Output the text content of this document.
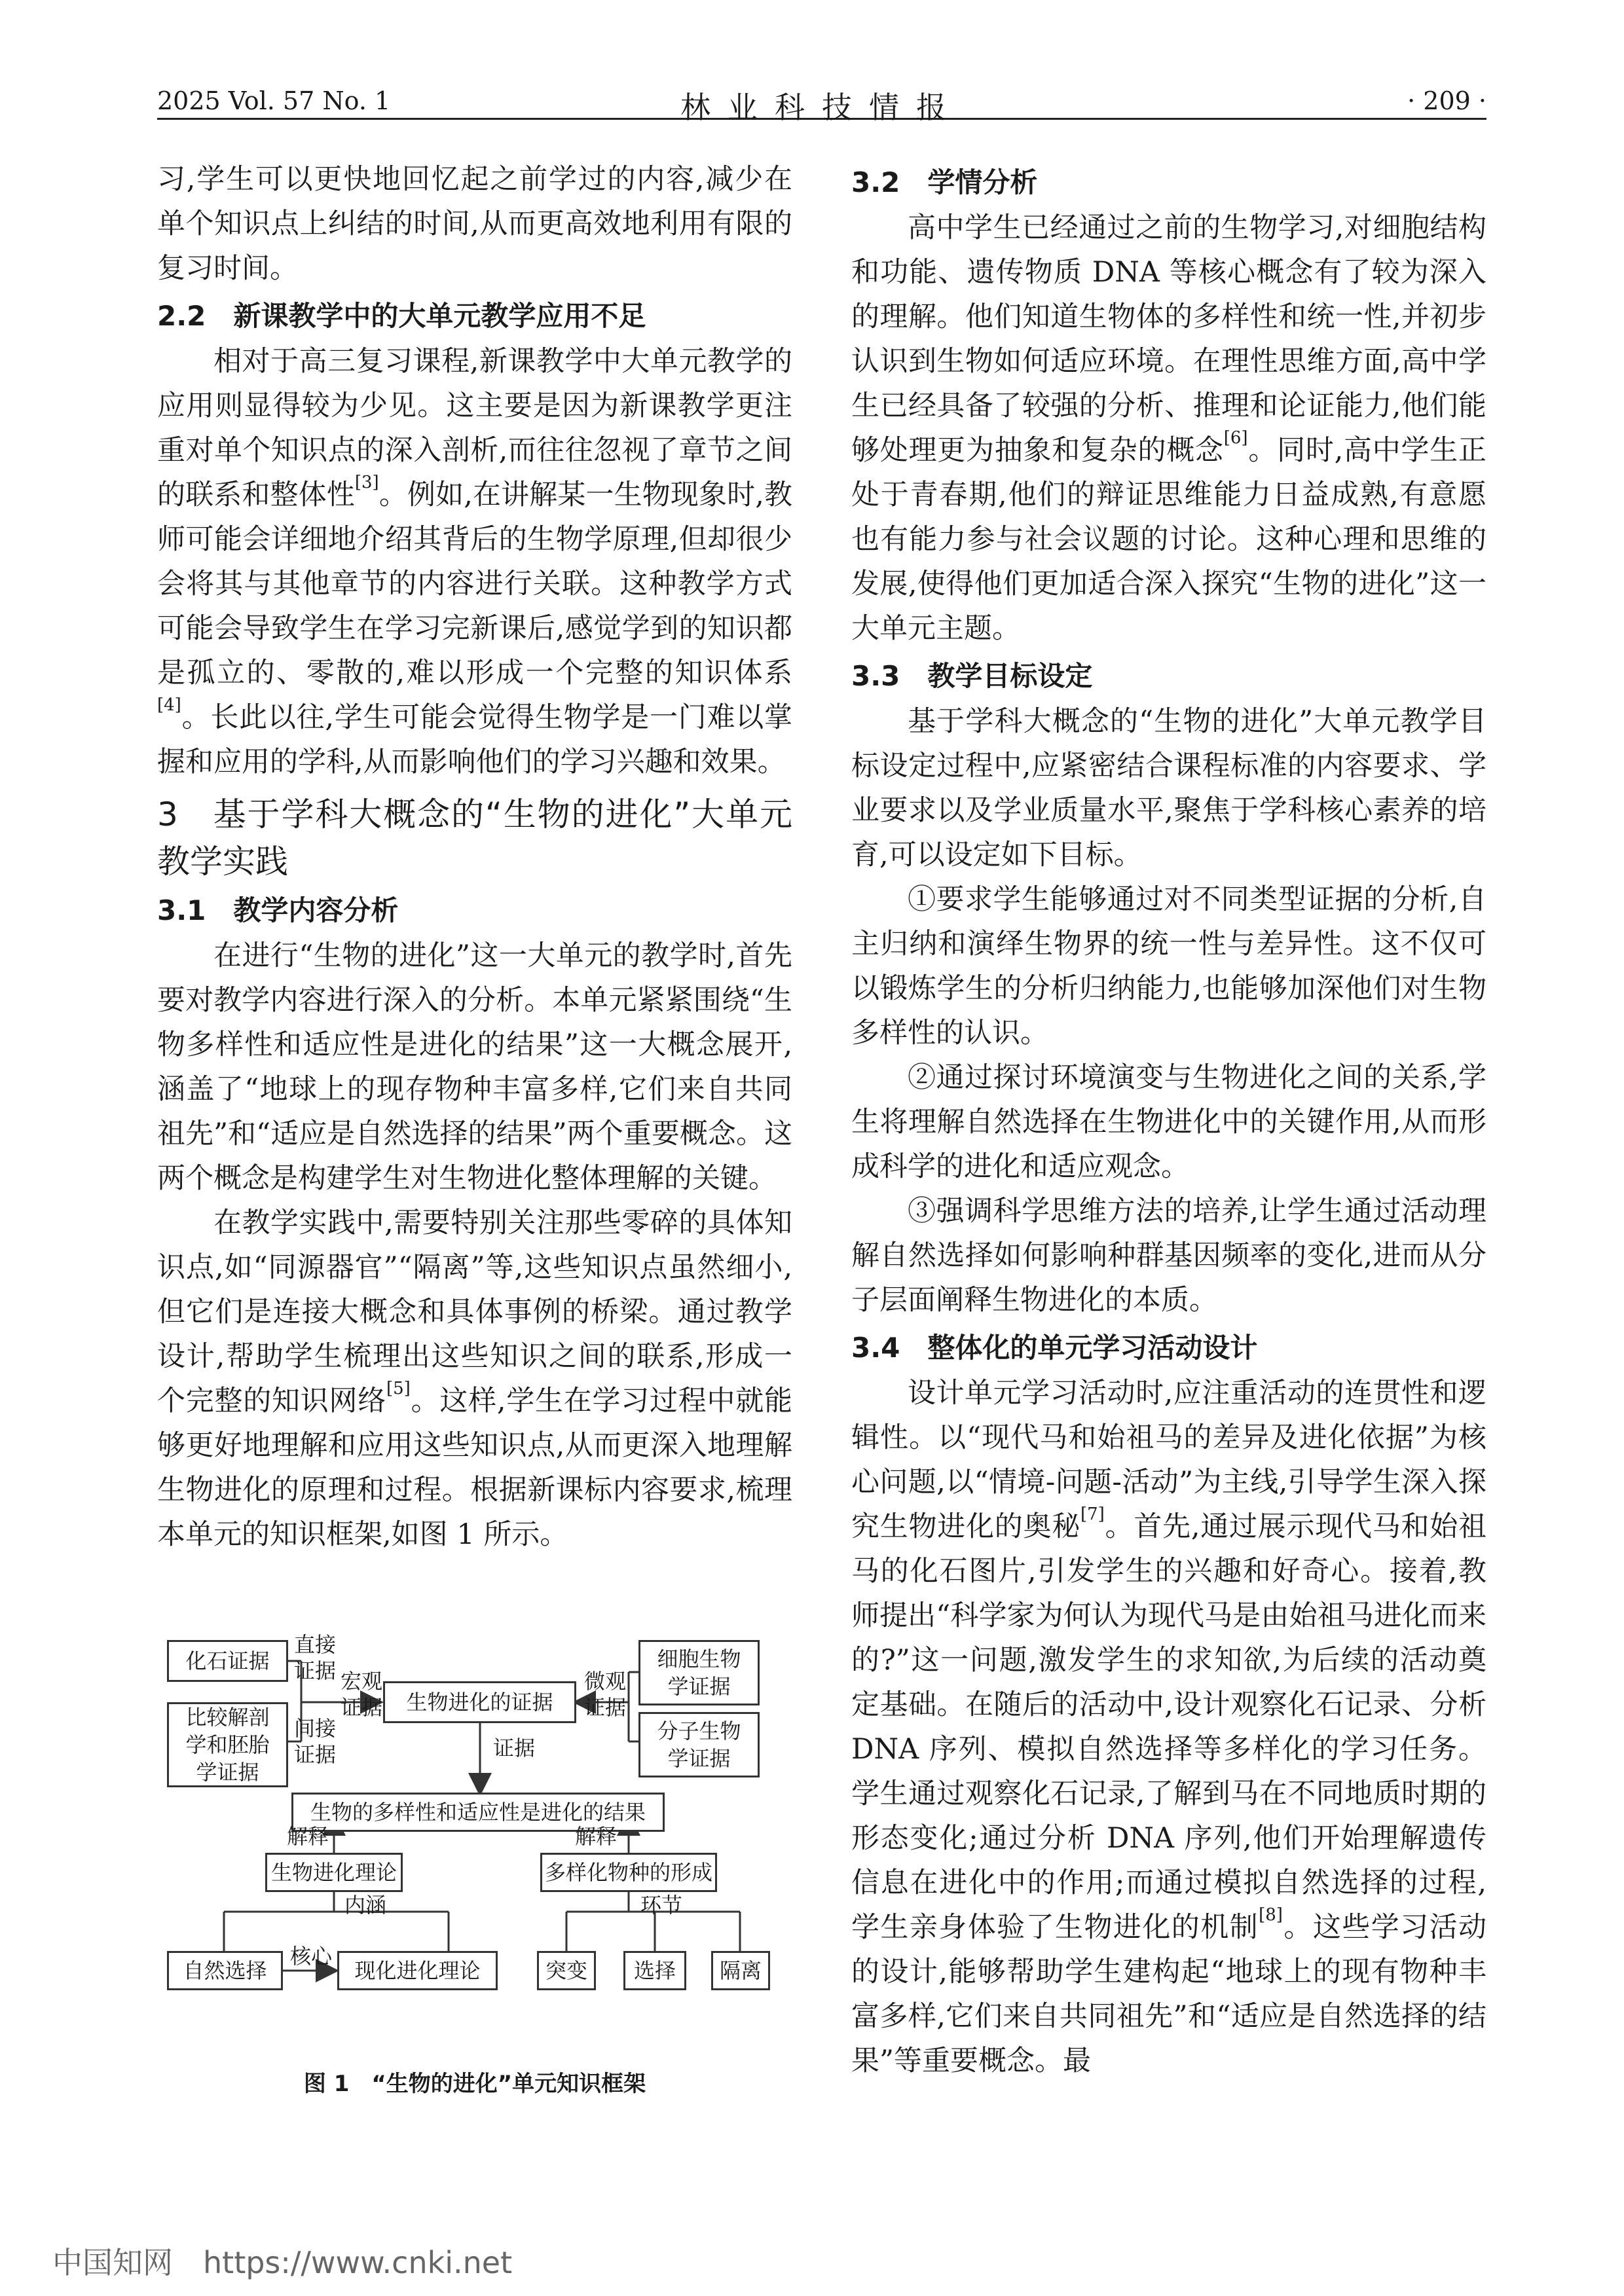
2025 Vol. 57 No. 1	林业科技情报	· 209 ·

习,学生可以更快地回忆起之前学过的内容,减少在单个知识点上纠结的时间,从而更高效地利用有限的复习时间。

2.2　新课教学中的大单元教学应用不足

相对于高三复习课程,新课教学中大单元教学的应用则显得较为少见。这主要是因为新课教学更注重对单个知识点的深入剖析,而往往忽视了章节之间的联系和整体性[3]。例如,在讲解某一生物现象时,教师可能会详细地介绍其背后的生物学原理,但却很少会将其与其他章节的内容进行关联。这种教学方式可能会导致学生在学习完新课后,感觉学到的知识都是孤立的、零散的,难以形成一个完整的知识体系[4]。长此以往,学生可能会觉得生物学是一门难以掌握和应用的学科,从而影响他们的学习兴趣和效果。

3　基于学科大概念的“生物的进化”大单元教学实践
3.1　教学内容分析

在进行“生物的进化”这一大单元的教学时,首先要对教学内容进行深入的分析。本单元紧紧围绕“生物多样性和适应性是进化的结果”这一大概念展开,涵盖了“地球上的现存物种丰富多样,它们来自共同祖先”和“适应是自然选择的结果”两个重要概念。这两个概念是构建学生对生物进化整体理解的关键。

在教学实践中,需要特别关注那些零碎的具体知识点,如“同源器官”“隔离”等,这些知识点虽然细小,但它们是连接大概念和具体事例的桥梁。通过教学设计,帮助学生梳理出这些知识之间的联系,形成一个完整的知识网络[5]。这样,学生在学习过程中就能够更好地理解和应用这些知识点,从而更深入地理解生物进化的原理和过程。根据新课标内容要求,梳理本单元的知识框架,如图 1 所示。

3.2　学情分析

高中学生已经通过之前的生物学习,对细胞结构和功能、遗传物质 DNA 等核心概念有了较为深入的理解。他们知道生物体的多样性和统一性,并初步认识到生物如何适应环境。在理性思维方面,高中学生已经具备了较强的分析、推理和论证能力,他们能够处理更为抽象和复杂的概念[6]。同时,高中学生正处于青春期,他们的辩证思维能力日益成熟,有意愿也有能力参与社会议题的讨论。这种心理和思维的发展,使得他们更加适合深入探究“生物的进化”这一大单元主题。

3.3　教学目标设定

基于学科大概念的“生物的进化”大单元教学目标设定过程中,应紧密结合课程标准的内容要求、学业要求以及学业质量水平,聚焦于学科核心素养的培育,可以设定如下目标。

①要求学生能够通过对不同类型证据的分析,自主归纳和演绎生物界的统一性与差异性。这不仅可以锻炼学生的分析归纳能力,也能够加深他们对生物多样性的认识。

②通过探讨环境演变与生物进化之间的关系,学生将理解自然选择在生物进化中的关键作用,从而形成科学的进化和适应观念。

③强调科学思维方法的培养,让学生通过活动理解自然选择如何影响种群基因频率的变化,进而从分子层面阐释生物进化的本质。

3.4　整体化的单元学习活动设计

设计单元学习活动时,应注重活动的连贯性和逻辑性。以“现代马和始祖马的差异及进化依据”为核心问题,以“情境-问题-活动”为主线,引导学生深入探究生物进化的奥秘[7]。首先,通过展示现代马和始祖马的化石图片,引发学生的兴趣和好奇心。接着,教师提出“科学家为何认为现代马是由始祖马进化而来的?”这一问题,激发学生的求知欲,为后续的活动奠定基础。在随后的活动中,设计观察化石记录、分析 DNA 序列、模拟自然选择等多样化的学习任务。学生通过观察化石记录,了解到马在不同地质时期的形态变化;通过分析 DNA 序列,他们开始理解遗传信息在进化中的作用;而通过模拟自然选择的过程,学生亲身体验了生物进化的机制[8]。这些学习活动的设计,能够帮助学生建构起“地球上的现有物种丰富多样,它们来自共同祖先”和“适应是自然选择的结果”等重要概念。最

化石证据
比较解剖学和胚胎学证据
生物进化的证据
细胞生物学证据
分子生物学证据
生物的多样性和适应性是进化的结果
生物进化理论	多样化物种的形成
自然选择	现化进化理论	突变	选择	隔离
直接证据
间接证据
宏观证据
微观证据
证据
解释	解释
内涵
核心
环节
图 1　“生物的进化”单元知识框架
中国知网　https://www.cnki.net
